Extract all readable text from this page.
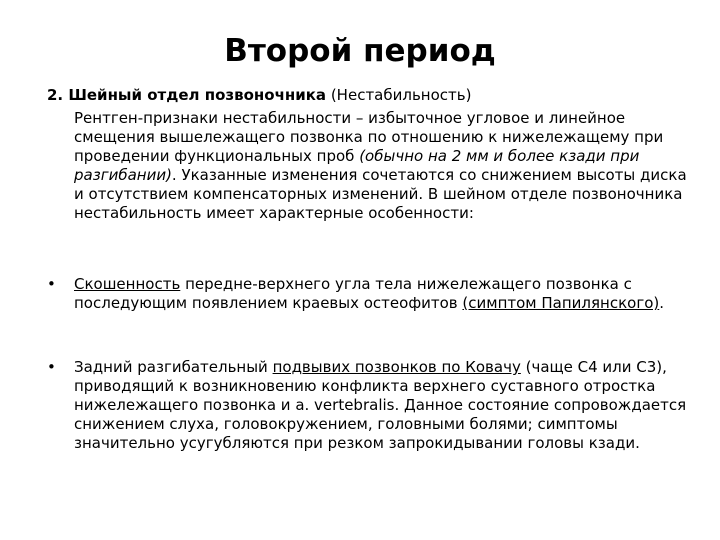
Второй период
2. Шейный отдел позвоночника (Нестабильность)
Рентген-признаки нестабильности – избыточное угловое и линейное смещения вышележащего позвонка по отношению к нижележащему при проведении функциональных проб (обычно на 2 мм и более кзади при разгибании). Указанные изменения сочетаются со снижением высоты диска и отсутствием компенсаторных изменений. В шейном отделе позвоночника нестабильность имеет характерные особенности:
•	Скошенность передне-верхнего угла тела нижележащего позвонка с последующим появлением краевых остеофитов (симптом Папилянского).
•	Задний разгибательный подвывих позвонков по Ковачу (чаще С4 или С3), приводящий к возникновению конфликта верхнего суставного отростка нижележащего позвонка и a. vertebralis. Данное состояние сопровождается снижением слуха, головокружением, головными болями; симптомы значительно усугубляются при резком запрокидывании головы кзади.
